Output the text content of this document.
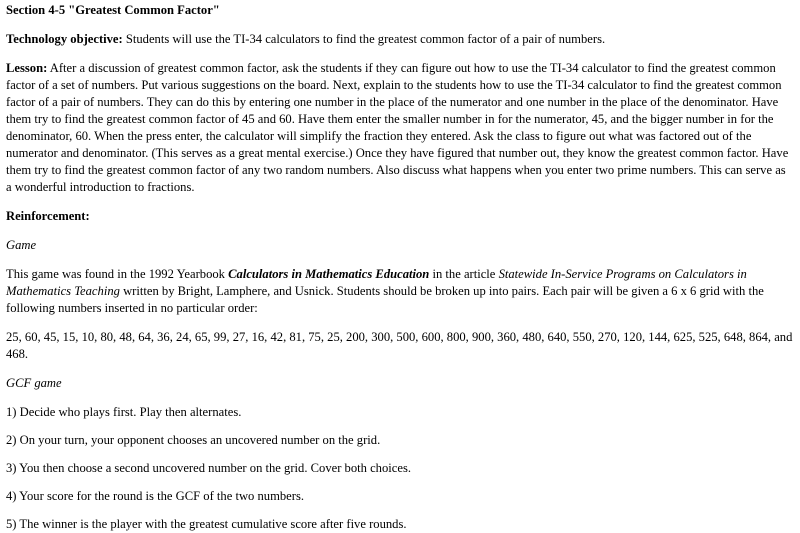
Section 4-5 "Greatest Common Factor"

Technology objective: Students will use the TI-34 calculators to find the greatest common factor of a pair of numbers.

Lesson: After a discussion of greatest common factor, ask the students if they can figure out how to use the TI-34 calculator to find the greatest common factor of a set of numbers. Put various suggestions on the board. Next, explain to the students how to use the TI-34 calculator to find the greatest common factor of a pair of numbers. They can do this by entering one number in the place of the numerator and one number in the place of the denominator. Have them try to find the greatest common factor of 45 and 60. Have them enter the smaller number in for the numerator, 45, and the bigger number in for the denominator, 60. When the press enter, the calculator will simplify the fraction they entered. Ask the class to figure out what was factored out of the numerator and denominator. (This serves as a great mental exercise.) Once they have figured that number out, they know the greatest common factor. Have them try to find the greatest common factor of any two random numbers. Also discuss what happens when you enter two prime numbers. This can serve as a wonderful introduction to fractions.

Reinforcement:

Game

This game was found in the 1992 Yearbook Calculators in Mathematics Education in the article Statewide In-Service Programs on Calculators in Mathematics Teaching written by Bright, Lamphere, and Usnick. Students should be broken up into pairs. Each pair will be given a 6 x 6 grid with the following numbers inserted in no particular order:

25, 60, 45, 15, 10, 80, 48, 64, 36, 24, 65, 99, 27, 16, 42, 81, 75, 25, 200, 300, 500, 600, 800, 900, 360, 480, 640, 550, 270, 120, 144, 625, 525, 648, 864, and 468.

GCF game

1) Decide who plays first. Play then alternates.

2) On your turn, your opponent chooses an uncovered number on the grid.

3) You then choose a second uncovered number on the grid. Cover both choices.

4) Your score for the round is the GCF of the two numbers.

5) The winner is the player with the greatest cumulative score after five rounds.
